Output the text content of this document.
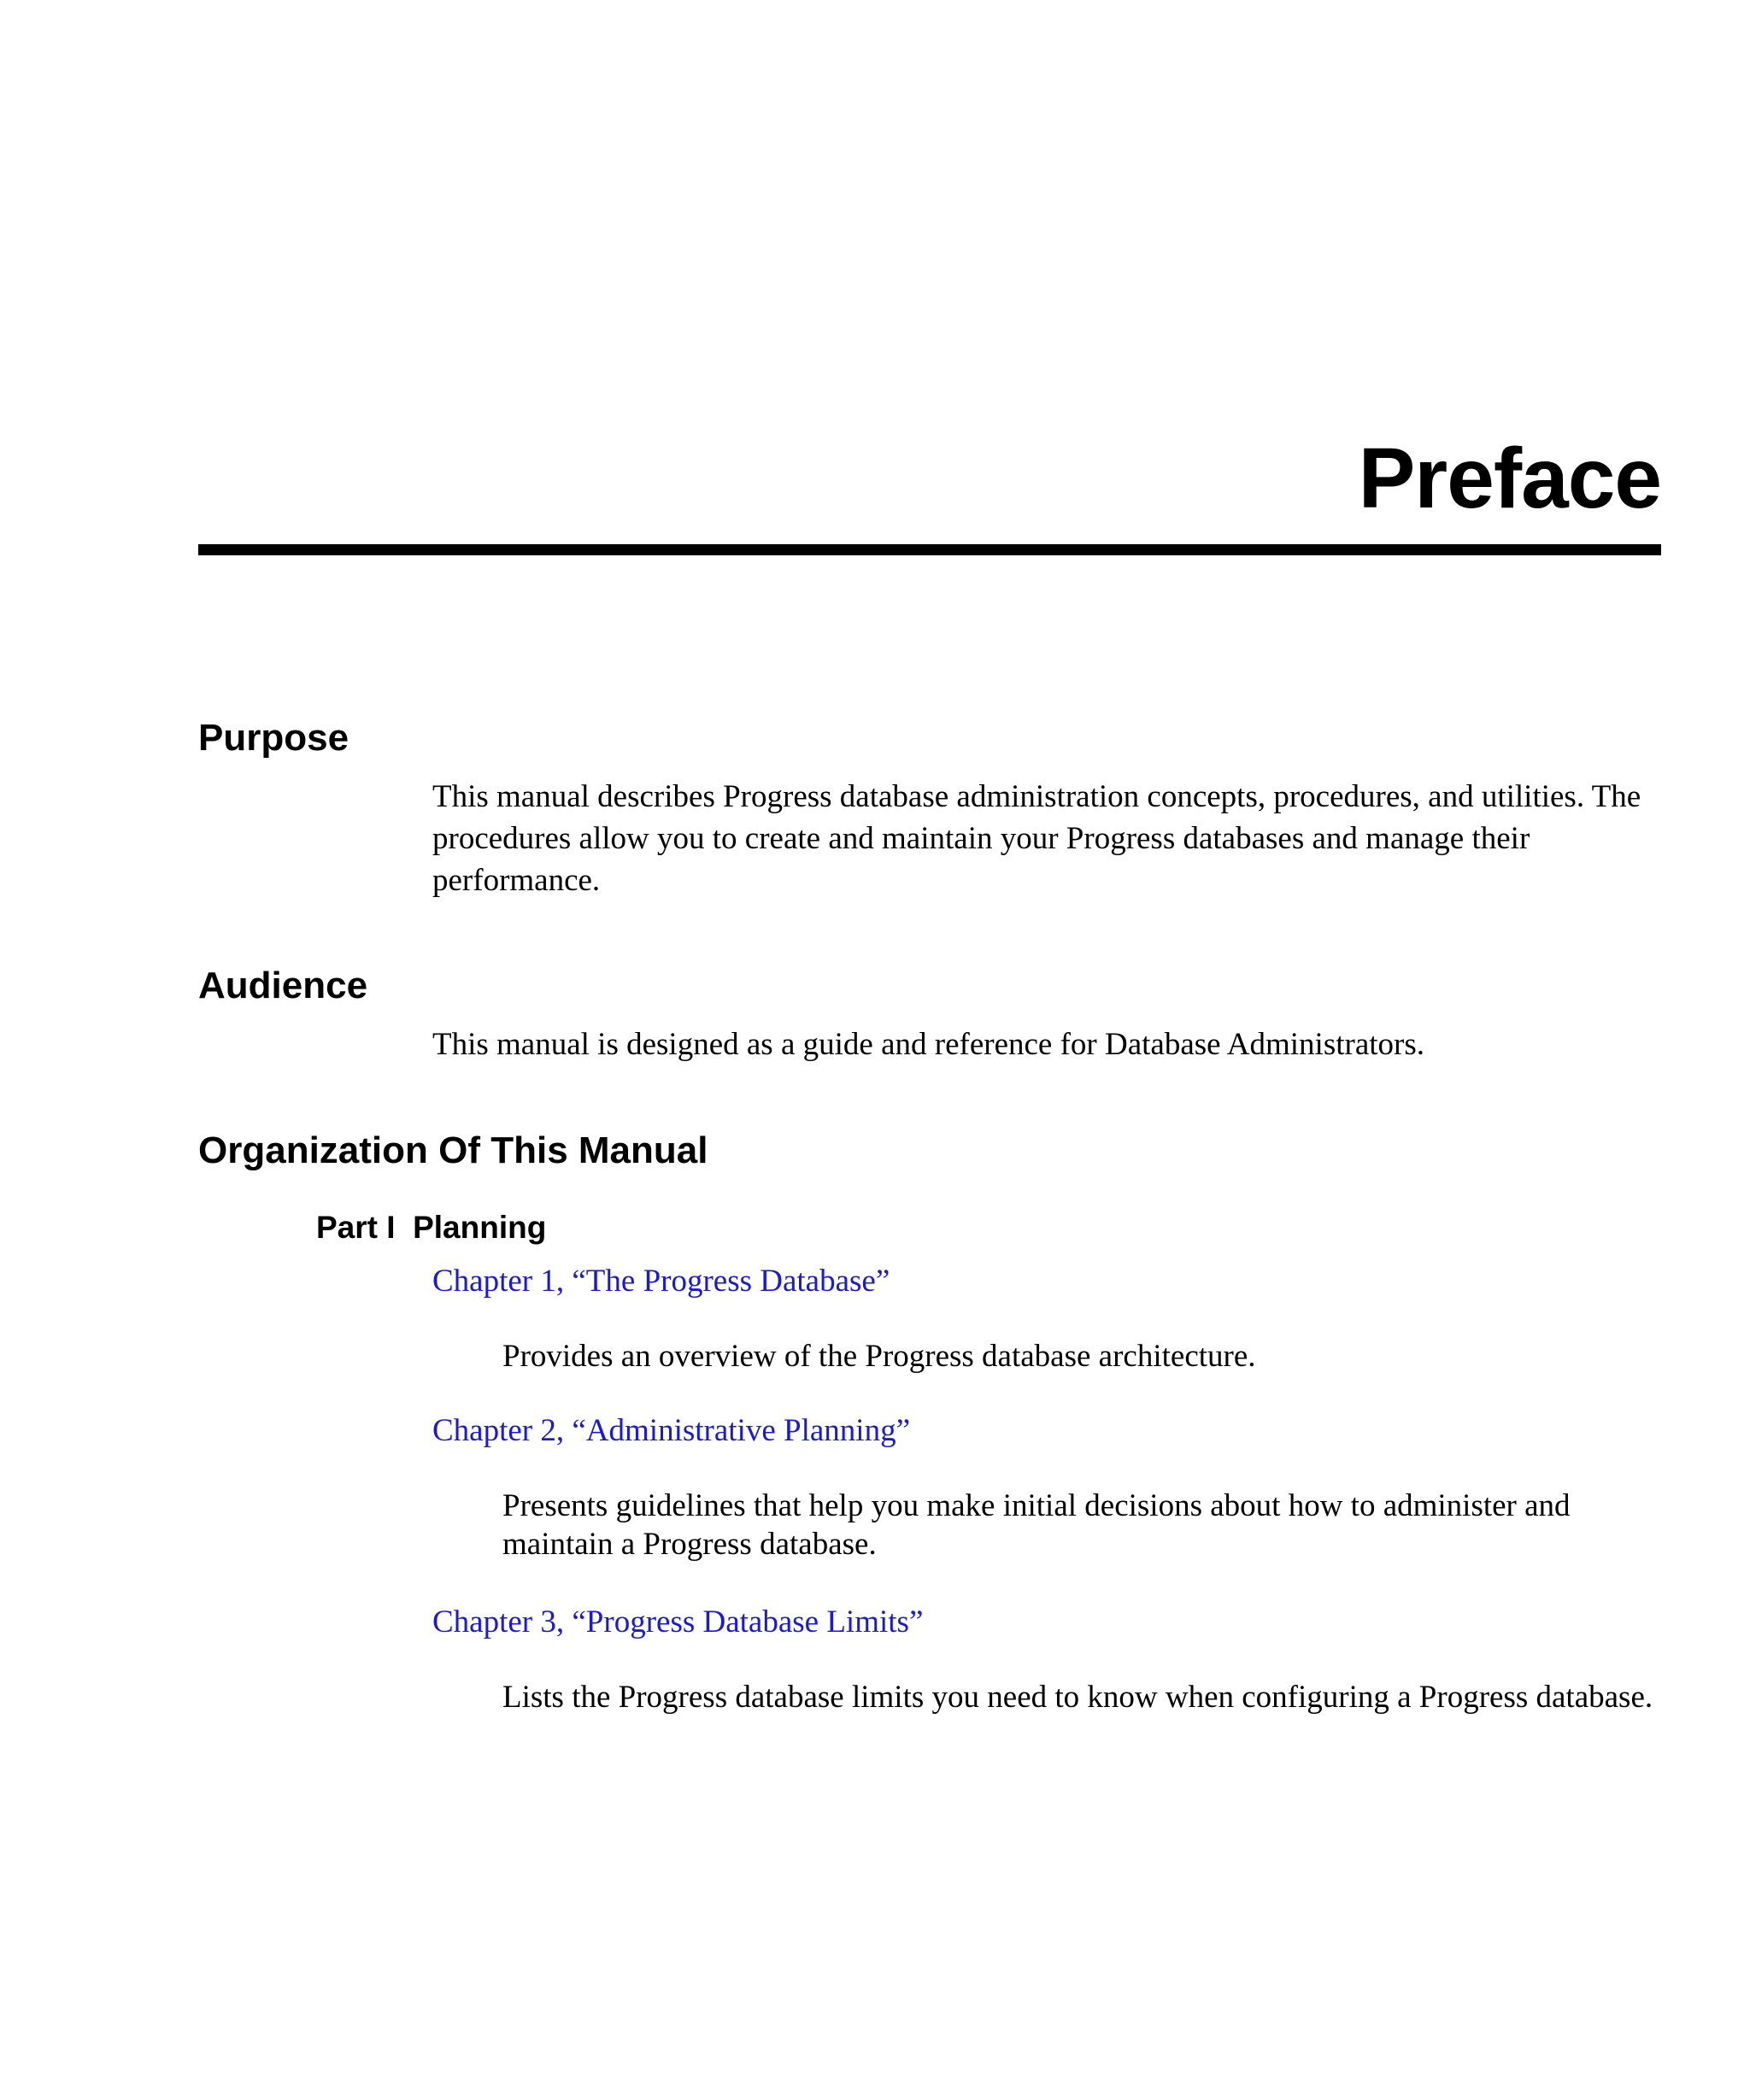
Preface
Purpose

This manual describes Progress database administration concepts, procedures, and utilities. The procedures allow you to create and maintain your Progress databases and manage their performance.

Audience

This manual is designed as a guide and reference for Database Administrators.

Organization Of This Manual
Part I  Planning
Chapter 1, “The Progress Database”

Provides an overview of the Progress database architecture.

Chapter 2, “Administrative Planning”

Presents guidelines that help you make initial decisions about how to administer and maintain a Progress database.

Chapter 3, “Progress Database Limits”

Lists the Progress database limits you need to know when configuring a Progress database.
